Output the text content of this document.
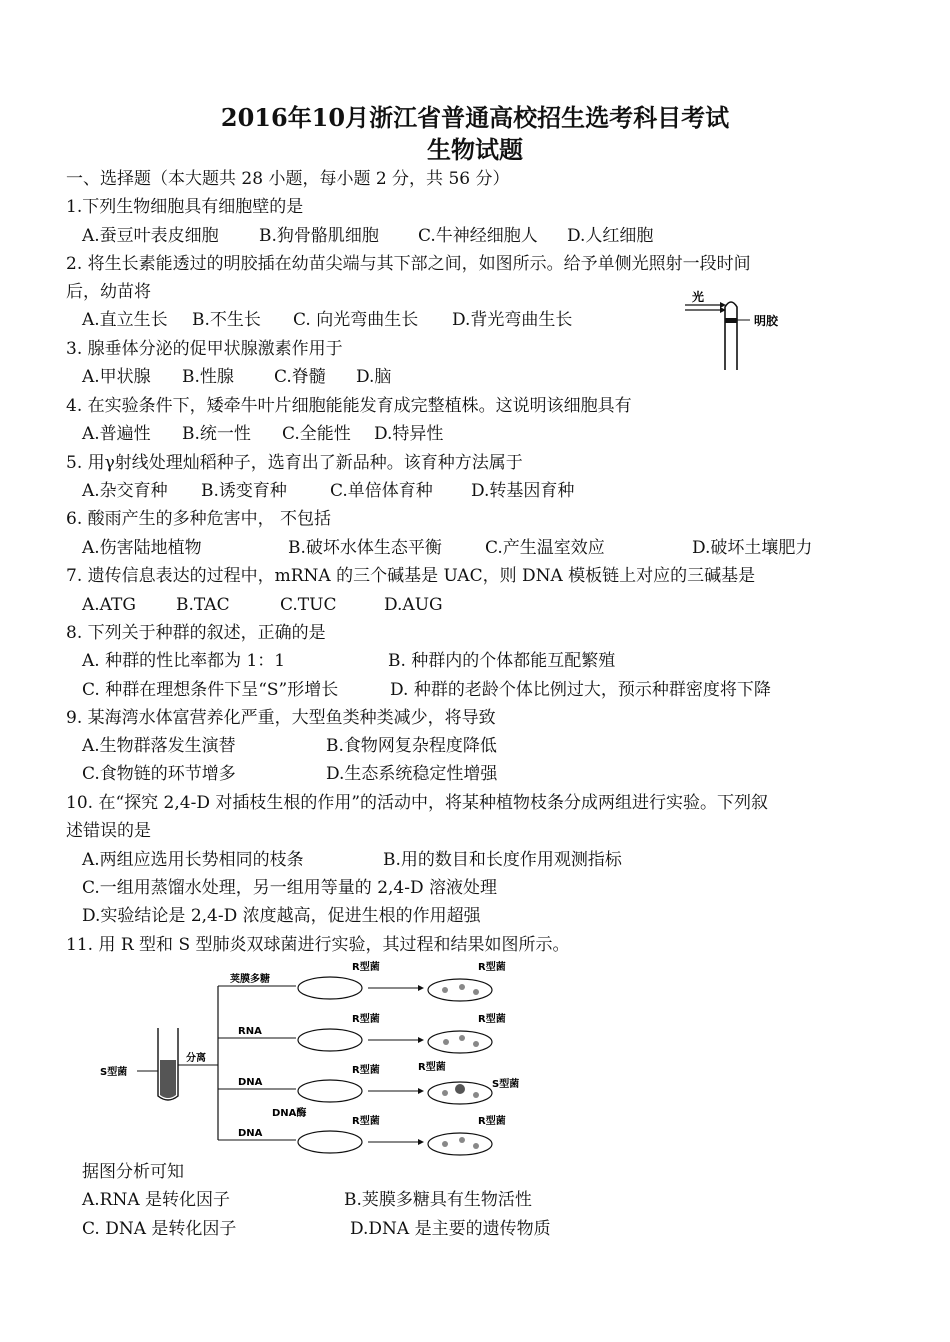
2016年10月浙江省普通高校招生选考科目考试
生物试题
一、选择题（本大题共 28 小题，每小题 2 分，共 56 分）
1.下列生物细胞具有细胞壁的是
A.蚕豆叶表皮细胞 B.狗骨骼肌细胞 C.牛神经细胞人 D.人红细胞
2. 将生长素能透过的明胶插在幼苗尖端与其下部之间，如图所示。给予单侧光照射一段时间
后，幼苗将
A.直立生长 B.不生长 C. 向光弯曲生长 D.背光弯曲生长
光
明胶
3. 腺垂体分泌的促甲状腺激素作用于
A.甲状腺 B.性腺 C.脊髓 D.脑
4. 在实验条件下，矮牵牛叶片细胞能能发育成完整植株。这说明该细胞具有
A.普遍性 B.统一性 C.全能性 D.特异性
5. 用γ射线处理灿稻种子，选育出了新品种。该育种方法属于
A.杂交育种 B.诱变育种	C.单倍体育种 D.转基因育种
6. 酸雨产生的多种危害中， 不包括
A.伤害陆地植物	B.破坏水体生态平衡	C.产生温室效应	D.破坏土壤肥力
7. 遗传信息表达的过程中，mRNA 的三个碱基是 UAC，则 DNA 模板链上对应的三碱基是
A.ATG B.TAC	C.TUC	D.AUG
8. 下列关于种群的叙述，正确的是
A. 种群的性比率都为 1：1	B. 种群内的个体都能互配繁殖
C. 种群在理想条件下呈“S”形增长	D. 种群的老龄个体比例过大，预示种群密度将下降
9. 某海湾水体富营养化严重，大型鱼类种类减少，将导致
A.生物群落发生演替	B.食物网复杂程度降低
C.食物链的环节增多	D.生态系统稳定性增强
10. 在“探究 2,4-D 对插枝生根的作用”的活动中，将某种植物枝条分成两组进行实验。下列叙
述错误的是
A.两组应选用长势相同的枝条	B.用的数目和长度作用观测指标
C.一组用蒸馏水处理，另一组用等量的 2,4-D 溶液处理
D.实验结论是 2,4-D 浓度越高，促进生根的作用超强
11. 用 R 型和 S 型肺炎双球菌进行实验，其过程和结果如图所示。
S型菌
分离
荚膜多糖
RNA
DNA
DNA
DNA酶
R型菌	R型菌
R型菌	R型菌
R型菌	R型菌
S型菌
R型菌	R型菌
据图分析可知
A.RNA 是转化因子	B.荚膜多糖具有生物活性
C. DNA 是转化因子	D.DNA 是主要的遗传物质
